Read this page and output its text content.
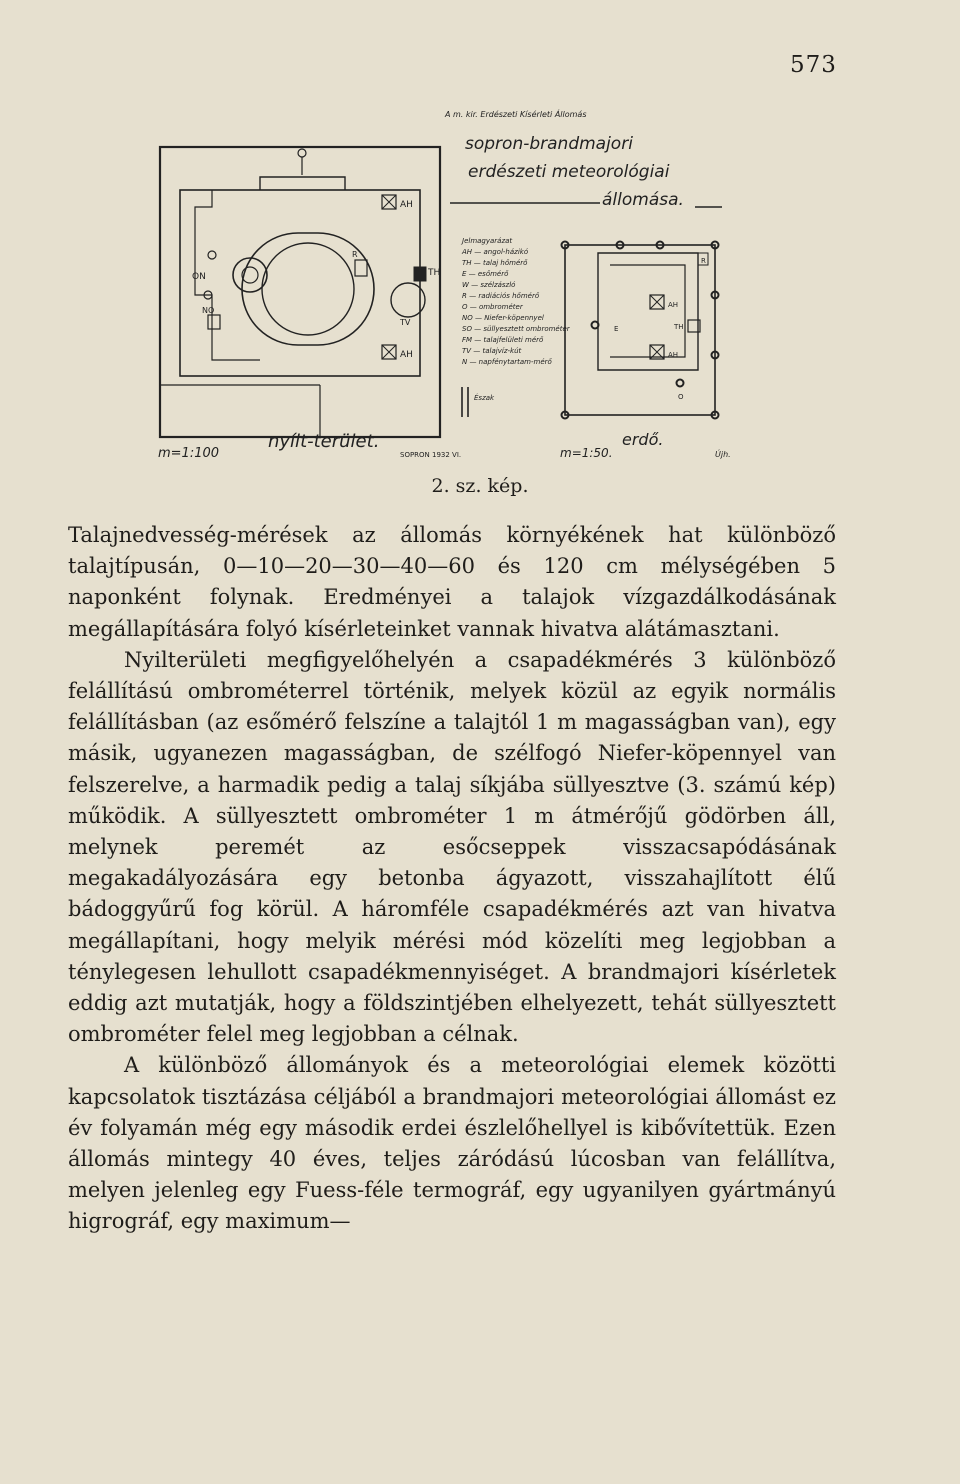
573
AH
AH
TH
ON
NO
TV
R
A m. kir. Erdészeti Kísérleti Állomás
sopron-brandmajori
erdészeti meteorológiai
állomása.
Jelmagyarázat
AH — angol-házikó
TH — talaj hőmérő
E — esőmérő
W — szélzászló
R — radiációs hőmérő
O — ombrométer
NO — Niefer-köpennyel
SO — süllyesztett ombrométer
FM — talajfelületi mérő
TV — talajvíz-kút
N — napfénytartam-mérő
Észak
AH
AH
TH
R
E
O
m=1:100
nyílt-terület.
SOPRON 1932 VI.	m=1:50.
erdő.
Újh.
2. sz. kép.

Talajnedvesség-mérések az állomás környékének hat különböző talajtípusán, 0—10—20—30—40—60 és 120 cm mélységében 5 naponként folynak. Eredményei a talajok vízgazdálkodásának megállapítására folyó kísérleteinket vannak hivatva alátámasztani.

Nyilterületi megfigyelőhelyén a csapadékmérés 3 különböző felállítású ombrométerrel történik, melyek közül az egyik normális felállításban (az esőmérő felszíne a talajtól 1 m magasságban van), egy másik, ugyanezen magasságban, de szélfogó Niefer-köpennyel van felszerelve, a harmadik pedig a talaj síkjába süllyesztve (3. számú kép) működik. A süllyesztett ombrométer 1 m átmérőjű gödörben áll, melynek peremét az esőcseppek visszacsapódásának megakadályozására egy betonba ágyazott, visszahajlított élű bádoggyűrű fog körül. A háromféle csapadékmérés azt van hivatva megállapítani, hogy melyik mérési mód közelíti meg legjobban a ténylegesen lehullott csapadékmennyiséget. A brandmajori kísérletek eddig azt mutatják, hogy a földszintjében elhelyezett, tehát süllyesztett ombrométer felel meg legjobban a célnak.

A különböző állományok és a meteorológiai elemek közötti kapcsolatok tisztázása céljából a brandmajori meteorológiai állomást ez év folyamán még egy második erdei észlelőhellyel is kibővítettük. Ezen állomás mintegy 40 éves, teljes záródású lúcosban van felállítva, melyen jelenleg egy Fuess-féle termográf, egy ugyanilyen gyártmányú higrográf, egy maximum—
